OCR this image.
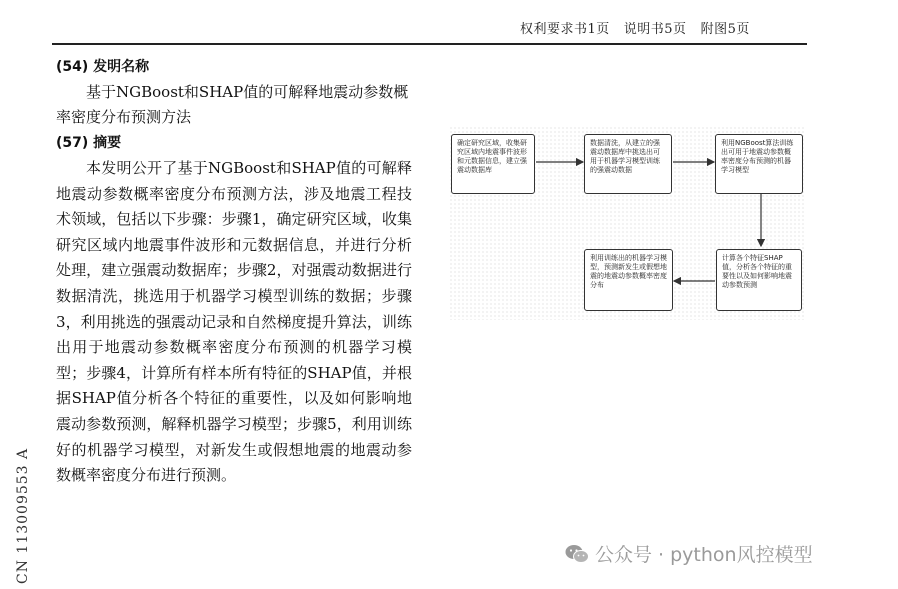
权利要求书1页 说明书5页 附图5页
(54) 发明名称
基于NGBoost和SHAP值的可解释地震动参数概率密度分布预测方法
(57) 摘要
本发明公开了基于NGBoost和SHAP值的可解释地震动参数概率密度分布预测方法，涉及地震工程技术领域，包括以下步骤：步骤1，确定研究区域，收集研究区域内地震事件波形和元数据信息，并进行分析处理，建立强震动数据库；步骤2，对强震动数据进行数据清洗，挑选用于机器学习模型训练的数据；步骤3，利用挑选的强震动记录和自然梯度提升算法，训练出用于地震动参数概率密度分布预测的机器学习模型；步骤4，计算所有样本所有特征的SHAP值，并根据SHAP值分析各个特征的重要性，以及如何影响地震动参数预测，解释机器学习模型；步骤5，利用训练好的机器学习模型，对新发生或假想地震的地震动参数概率密度分布进行预测。
CN 113009553 A
确定研究区域，收集研究区域内地震事件波形和元数据信息，建立强震动数据库
数据清洗，从建立的强震动数据库中挑选出可用于机器学习模型训练的强震动数据
利用NGBoost算法训练出可用于地震动参数概率密度分布预测的机器学习模型
计算各个特征SHAP值，分析各个特征的重要性以及如何影响地震动参数预测
利用训练出的机器学习模型，预测新发生或假想地震的地震动参数概率密度分布
公众号 · python风控模型
